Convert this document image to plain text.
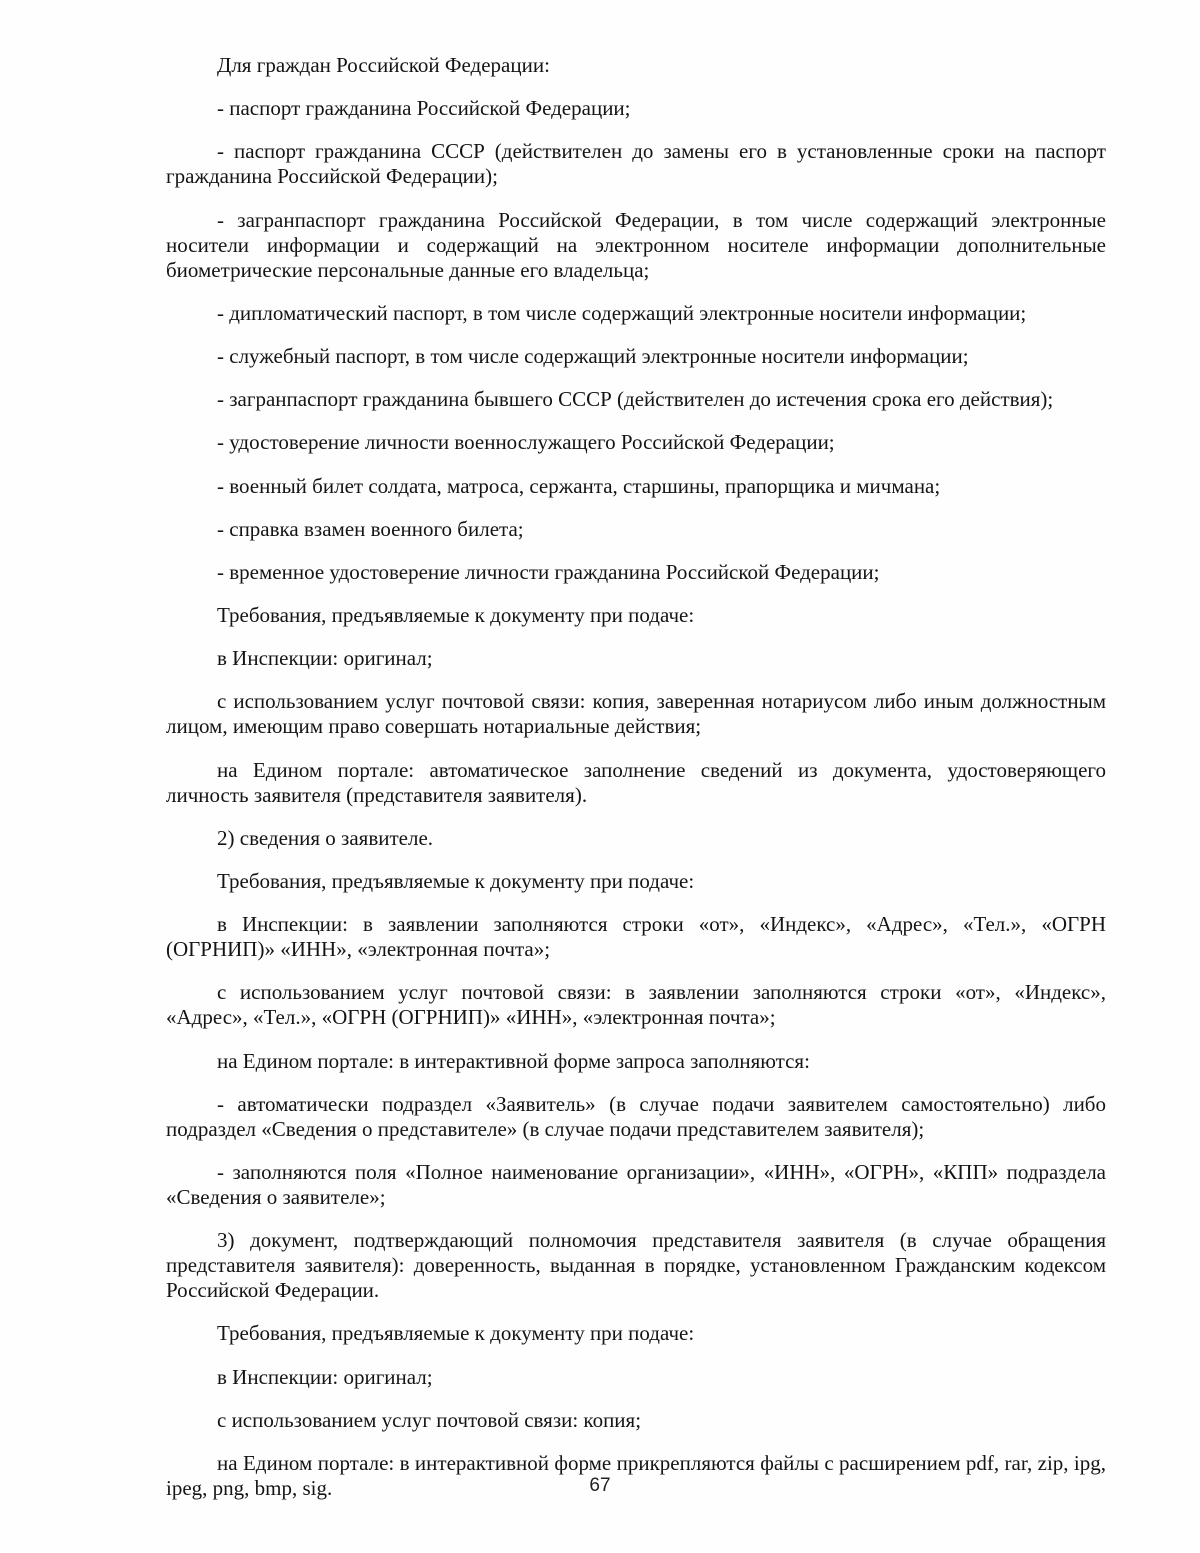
Для граждан Российской Федерации:

- паспорт гражданина Российской Федерации;

- паспорт гражданина СССР (действителен до замены его в установленные сроки на паспорт гражданина Российской Федерации);

- загранпаспорт гражданина Российской Федерации, в том числе содержащий электронные носители информации и содержащий на электронном носителе информации дополнительные биометрические персональные данные его владельца;

- дипломатический паспорт, в том числе содержащий электронные носители информации;

- служебный паспорт, в том числе содержащий электронные носители информации;

- загранпаспорт гражданина бывшего СССР (действителен до истечения срока его действия);

- удостоверение личности военнослужащего Российской Федерации;

- военный билет солдата, матроса, сержанта, старшины, прапорщика и мичмана;

- справка взамен военного билета;

- временное удостоверение личности гражданина Российской Федерации;

Требования, предъявляемые к документу при подаче:

в Инспекции: оригинал;

с использованием услуг почтовой связи: копия, заверенная нотариусом либо иным должностным лицом, имеющим право совершать нотариальные действия;

на Едином портале: автоматическое заполнение сведений из документа, удостоверяющего личность заявителя (представителя заявителя).

2) сведения о заявителе.

Требования, предъявляемые к документу при подаче:

в Инспекции: в заявлении заполняются строки «от», «Индекс», «Адрес», «Тел.», «ОГРН (ОГРНИП)» «ИНН», «электронная почта»;

с использованием услуг почтовой связи: в заявлении заполняются строки «от», «Индекс», «Адрес», «Тел.», «ОГРН (ОГРНИП)» «ИНН», «электронная почта»;

на Едином портале: в интерактивной форме запроса заполняются:

- автоматически подраздел «Заявитель» (в случае подачи заявителем самостоятельно) либо подраздел «Сведения о представителе» (в случае подачи представителем заявителя);

- заполняются поля «Полное наименование организации», «ИНН», «ОГРН», «КПП» подраздела «Сведения о заявителе»;

3) документ, подтверждающий полномочия представителя заявителя (в случае обращения представителя заявителя): доверенность, выданная в порядке, установленном Гражданским кодексом Российской Федерации.

Требования, предъявляемые к документу при подаче:

в Инспекции: оригинал;

с использованием услуг почтовой связи: копия;

на Едином портале: в интерактивной форме прикрепляются файлы с расширением pdf, rar, zip, ipg, ipeg, png, bmp, sig.	67
